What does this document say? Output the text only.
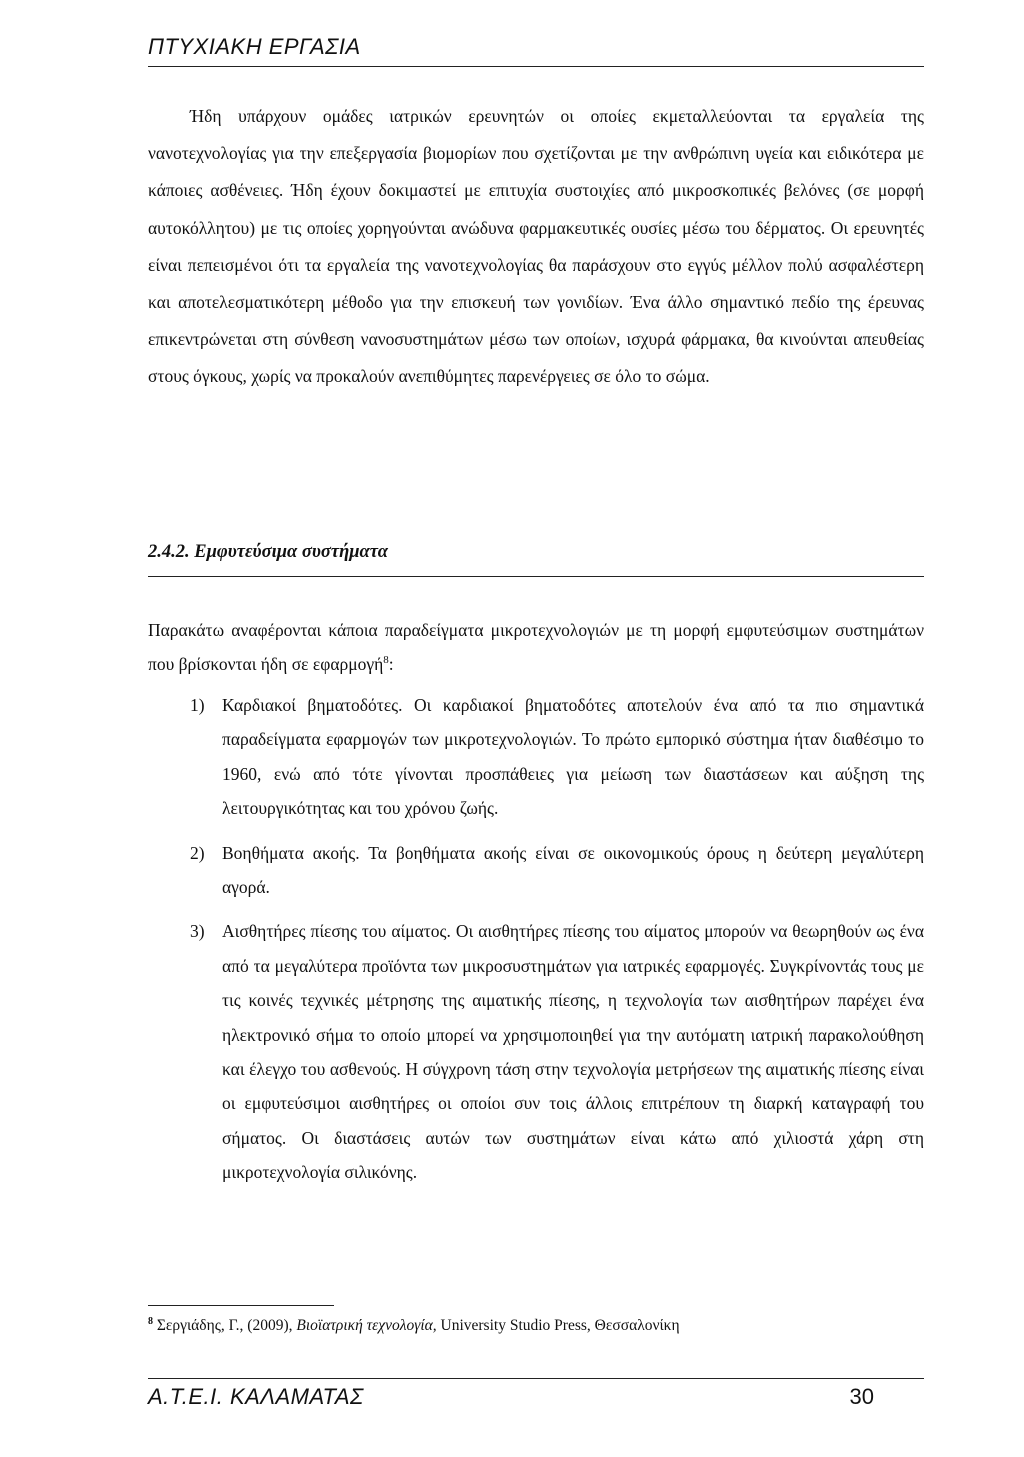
ΠΤΥΧΙΑΚΗ ΕΡΓΑΣΙΑ

Ήδη υπάρχουν ομάδες ιατρικών ερευνητών οι οποίες εκμεταλλεύονται τα εργαλεία της νανοτεχνολογίας για την επεξεργασία βιομορίων που σχετίζονται με την ανθρώπινη υγεία και ειδικότερα με κάποιες ασθένειες. Ήδη έχουν δοκιμαστεί με επιτυχία συστοιχίες από μικροσκοπικές βελόνες (σε μορφή αυτοκόλλητου) με τις οποίες χορηγούνται ανώδυνα φαρμακευτικές ουσίες μέσω του δέρματος. Οι ερευνητές είναι πεπεισμένοι ότι τα εργαλεία της νανοτεχνολογίας θα παράσχουν στο εγγύς μέλλον πολύ ασφαλέστερη και αποτελεσματικότερη μέθοδο για την επισκευή των γονιδίων. Ένα άλλο σημαντικό πεδίο της έρευνας επικεντρώνεται στη σύνθεση νανοσυστημάτων μέσω των οποίων, ισχυρά φάρμακα, θα κινούνται απευθείας στους όγκους, χωρίς να προκαλούν ανεπιθύμητες παρενέργειες σε όλο το σώμα.

2.4.2. Εμφυτεύσιμα συστήματα

Παρακάτω αναφέρονται κάποια παραδείγματα μικροτεχνολογιών με τη μορφή εμφυτεύσιμων συστημάτων που βρίσκονται ήδη σε εφαρμογή$^8$:

1) Καρδιακοί βηματοδότες. Οι καρδιακοί βηματοδότες αποτελούν ένα από τα πιο σημαντικά παραδείγματα εφαρμογών των μικροτεχνολογιών. Το πρώτο εμπορικό σύστημα ήταν διαθέσιμο το 1960, ενώ από τότε γίνονται προσπάθειες για μείωση των διαστάσεων και αύξηση της λειτουργικότητας και του χρόνου ζωής.
2) Βοηθήματα ακοής. Τα βοηθήματα ακοής είναι σε οικονομικούς όρους η δεύτερη μεγαλύτερη αγορά.
3) Αισθητήρες πίεσης του αίματος. Οι αισθητήρες πίεσης του αίματος μπορούν να θεωρηθούν ως ένα από τα μεγαλύτερα προϊόντα των μικροσυστημάτων για ιατρικές εφαρμογές. Συγκρίνοντάς τους με τις κοινές τεχνικές μέτρησης της αιματικής πίεσης, η τεχνολογία των αισθητήρων παρέχει ένα ηλεκτρονικό σήμα το οποίο μπορεί να χρησιμοποιηθεί για την αυτόματη ιατρική παρακολούθηση και έλεγχο του ασθενούς. Η σύγχρονη τάση στην τεχνολογία μετρήσεων της αιματικής πίεσης είναι οι εμφυτεύσιμοι αισθητήρες οι οποίοι συν τοις άλλοις επιτρέπουν τη διαρκή καταγραφή του σήματος. Οι διαστάσεις αυτών των συστημάτων είναι κάτω από χιλιοστά χάρη στη μικροτεχνολογία σιλικόνης.
$^8$ Σεργιάδης, Γ., (2009), Βιοϊατρική τεχνολογία, University Studio Press, Θεσσαλονίκη
Α.Τ.Ε.Ι. ΚΑΛΑΜΑΤΑΣ	30
